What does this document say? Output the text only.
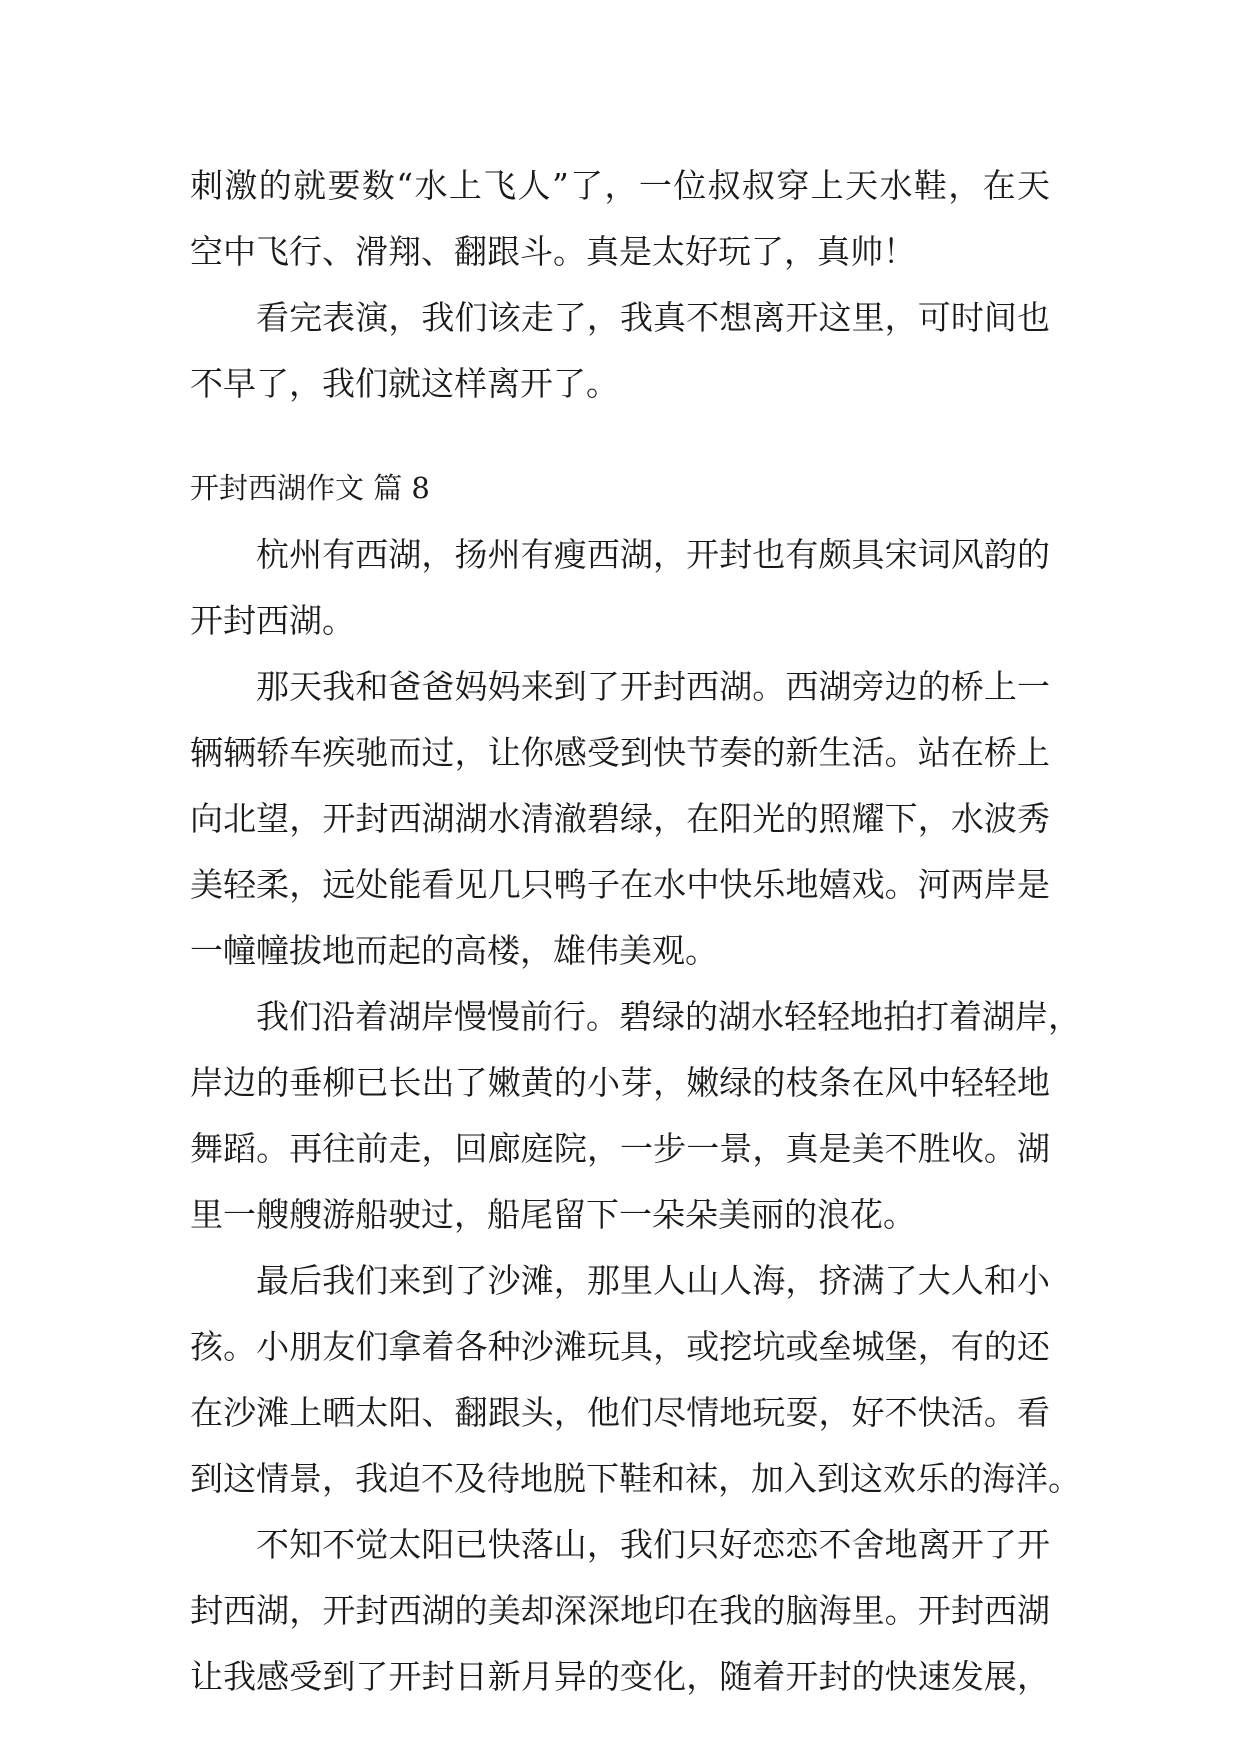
刺激的就要数“水上飞人”了，一位叔叔穿上天水鞋，在天
空中飞行、滑翔、翻跟斗。真是太好玩了，真帅！
看完表演，我们该走了，我真不想离开这里，可时间也
不早了，我们就这样离开了。
开封西湖作文 篇 8
杭州有西湖，扬州有瘦西湖，开封也有颇具宋词风韵的
开封西湖。
那天我和爸爸妈妈来到了开封西湖。西湖旁边的桥上一
辆辆轿车疾驰而过，让你感受到快节奏的新生活。站在桥上
向北望，开封西湖湖水清澈碧绿，在阳光的照耀下，水波秀
美轻柔，远处能看见几只鸭子在水中快乐地嬉戏。河两岸是
一幢幢拔地而起的高楼，雄伟美观。
我们沿着湖岸慢慢前行。碧绿的湖水轻轻地拍打着湖岸，
岸边的垂柳已长出了嫩黄的小芽，嫩绿的枝条在风中轻轻地
舞蹈。再往前走，回廊庭院，一步一景，真是美不胜收。湖
里一艘艘游船驶过，船尾留下一朵朵美丽的浪花。
最后我们来到了沙滩，那里人山人海，挤满了大人和小
孩。小朋友们拿着各种沙滩玩具，或挖坑或垒城堡，有的还
在沙滩上晒太阳、翻跟头，他们尽情地玩耍，好不快活。看
到这情景，我迫不及待地脱下鞋和袜，加入到这欢乐的海洋。
不知不觉太阳已快落山，我们只好恋恋不舍地离开了开
封西湖，开封西湖的美却深深地印在我的脑海里。开封西湖
让我感受到了开封日新月异的变化，随着开封的快速发展，
